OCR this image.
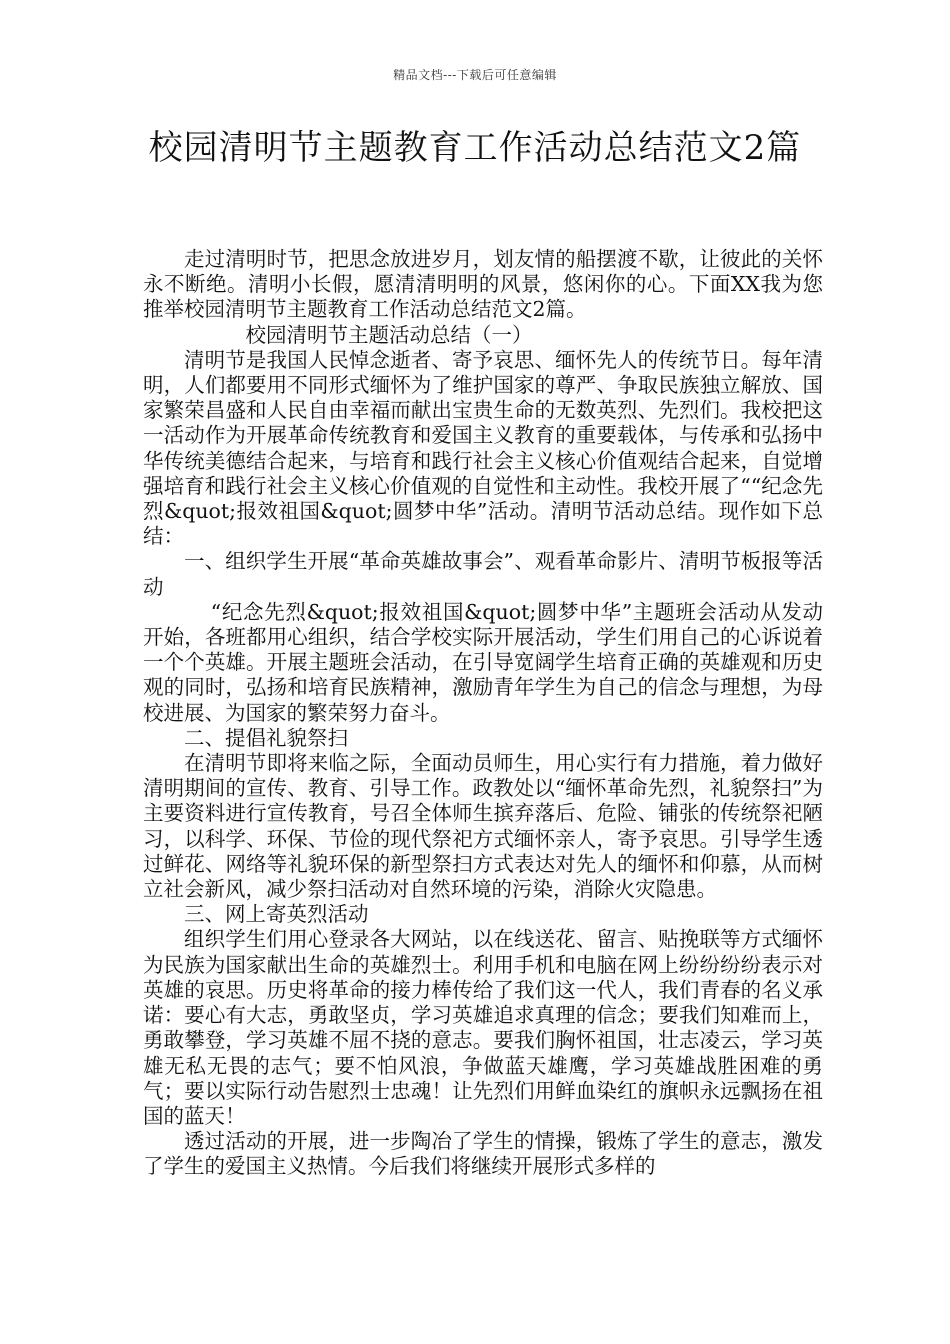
精品文档---下载后可任意编辑
校园清明节主题教育工作活动总结范文2篇

走过清明时节，把思念放进岁月，划友情的船摆渡不歇，让彼此的关怀永不断绝。清明小长假，愿清清明明的风景，悠闲你的心。下面XX我为您推举校园清明节主题教育工作活动总结范文2篇。

校园清明节主题活动总结（一）

清明节是我国人民悼念逝者、寄予哀思、缅怀先人的传统节日。每年清明，人们都要用不同形式缅怀为了维护国家的尊严、争取民族独立解放、国家繁荣昌盛和人民自由幸福而献出宝贵生命的无数英烈、先烈们。我校把这一活动作为开展革命传统教育和爱国主义教育的重要载体，与传承和弘扬中华传统美德结合起来，与培育和践行社会主义核心价值观结合起来，自觉增强培育和践行社会主义核心价值观的自觉性和主动性。我校开展了““纪念先烈&quot;报效祖国&quot;圆梦中华”活动。清明节活动总结。现作如下总结：

一、组织学生开展“革命英雄故事会”、观看革命影片、清明节板报等活动

“纪念先烈&quot;报效祖国&quot;圆梦中华”主题班会活动从发动开始，各班都用心组织，结合学校实际开展活动，学生们用自己的心诉说着一个个英雄。开展主题班会活动，在引导宽阔学生培育正确的英雄观和历史观的同时，弘扬和培育民族精神，激励青年学生为自己的信念与理想，为母校进展、为国家的繁荣努力奋斗。

二、提倡礼貌祭扫

在清明节即将来临之际，全面动员师生，用心实行有力措施，着力做好清明期间的宣传、教育、引导工作。政教处以“缅怀革命先烈，礼貌祭扫”为主要资料进行宣传教育，号召全体师生摈弃落后、危险、铺张的传统祭祀陋习，以科学、环保、节俭的现代祭祀方式缅怀亲人，寄予哀思。引导学生透过鲜花、网络等礼貌环保的新型祭扫方式表达对先人的缅怀和仰慕，从而树立社会新风，减少祭扫活动对自然环境的污染，消除火灾隐患。

三、网上寄英烈活动

组织学生们用心登录各大网站，以在线送花、留言、贴挽联等方式缅怀为民族为国家献出生命的英雄烈士。利用手机和电脑在网上纷纷纷纷表示对英雄的哀思。历史将革命的接力棒传给了我们这一代人，我们青春的名义承诺：要心有大志，勇敢坚贞，学习英雄追求真理的信念；要我们知难而上，勇敢攀登，学习英雄不屈不挠的意志。要我们胸怀祖国，壮志凌云，学习英雄无私无畏的志气；要不怕风浪，争做蓝天雄鹰，学习英雄战胜困难的勇气；要以实际行动告慰烈士忠魂！让先烈们用鲜血染红的旗帜永远飘扬在祖国的蓝天！

透过活动的开展，进一步陶冶了学生的情操，锻炼了学生的意志，激发了学生的爱国主义热情。今后我们将继续开展形式多样的
